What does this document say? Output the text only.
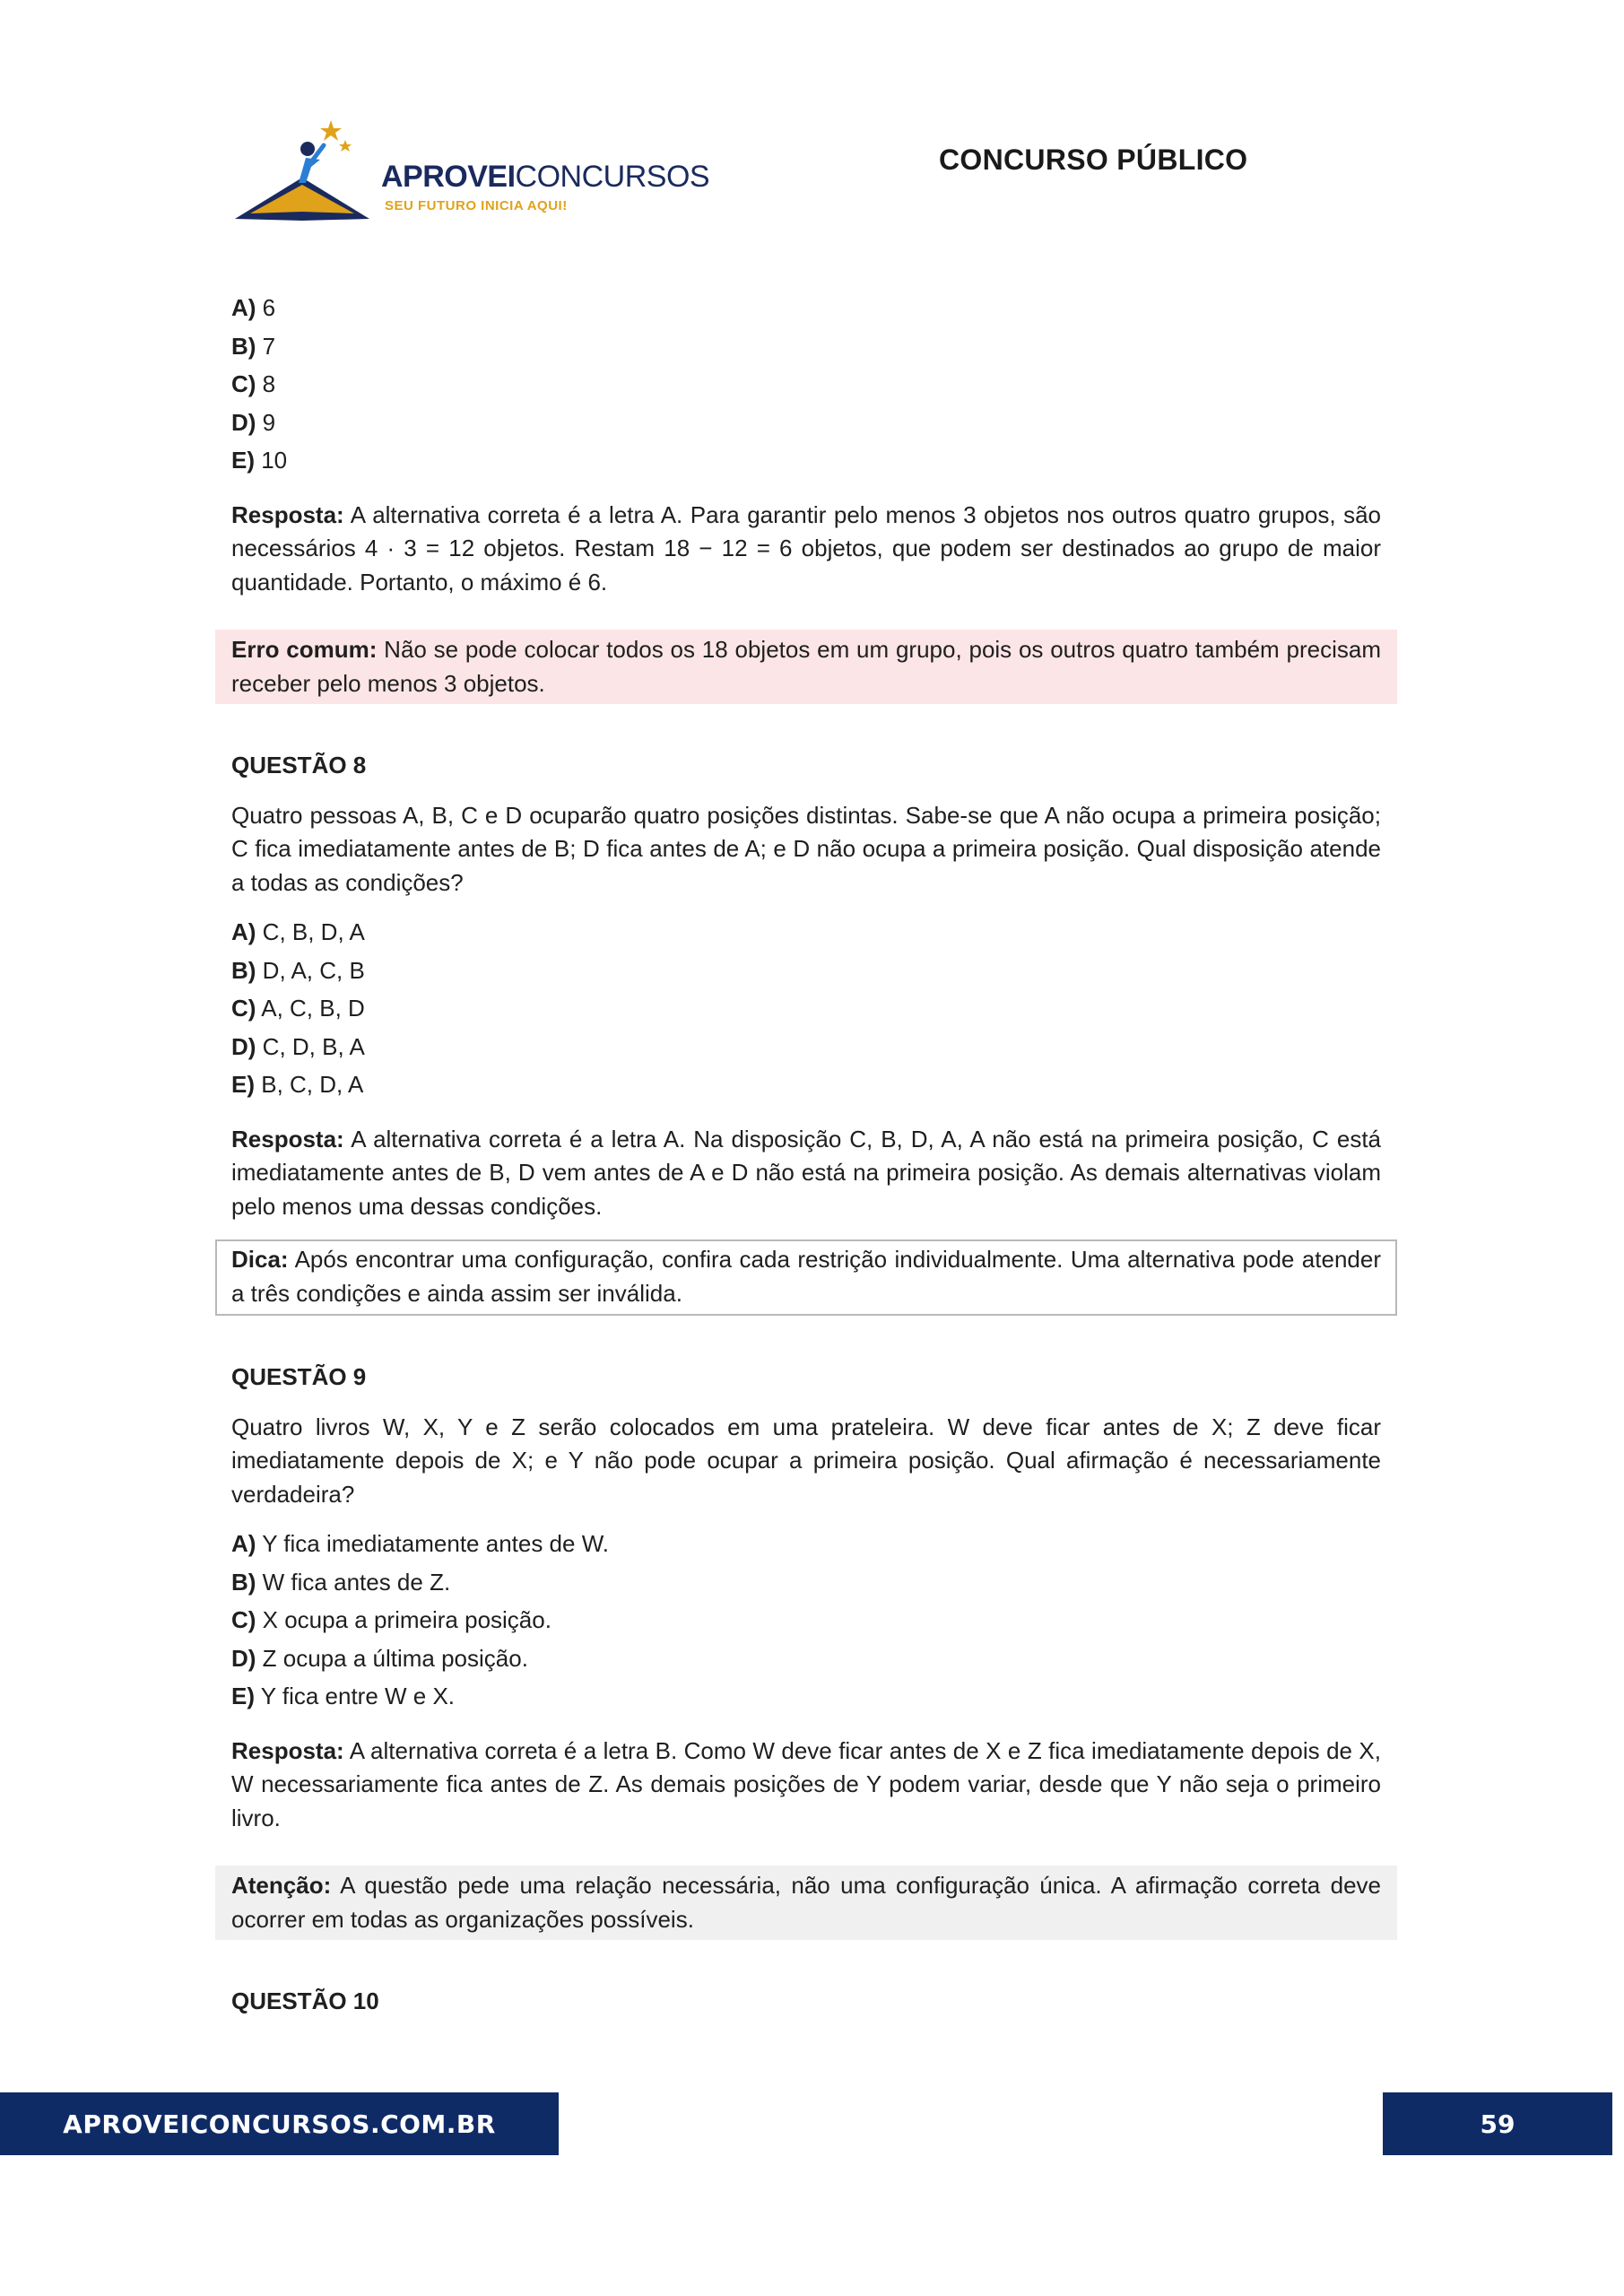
APROVEICONCURSOS
SEU FUTURO INICIA AQUI!
CONCURSO PÚBLICO
A) 6
B) 7
C) 8
D) 9
E) 10

Resposta: A alternativa correta é a letra A. Para garantir pelo menos 3 objetos nos outros quatro grupos, são necessários 4 · 3 = 12 objetos. Restam 18 − 12 = 6 objetos, que podem ser destinados ao grupo de maior quantidade. Portanto, o máximo é 6.

Erro comum: Não se pode colocar todos os 18 objetos em um grupo, pois os outros quatro também precisam receber pelo menos 3 objetos.

QUESTÃO 8

Quatro pessoas A, B, C e D ocuparão quatro posições distintas. Sabe-se que A não ocupa a primeira posição; C fica imediatamente antes de B; D fica antes de A; e D não ocupa a primeira posição. Qual disposição atende a todas as condições?

A) C, B, D, A
B) D, A, C, B
C) A, C, B, D
D) C, D, B, A
E) B, C, D, A

Resposta: A alternativa correta é a letra A. Na disposição C, B, D, A, A não está na primeira posição, C está imediatamente antes de B, D vem antes de A e D não está na primeira posição. As demais alternativas violam pelo menos uma dessas condições.

Dica: Após encontrar uma configuração, confira cada restrição individualmente. Uma alternativa pode atender a três condições e ainda assim ser inválida.

QUESTÃO 9

Quatro livros W, X, Y e Z serão colocados em uma prateleira. W deve ficar antes de X; Z deve ficar imediatamente depois de X; e Y não pode ocupar a primeira posição. Qual afirmação é necessariamente verdadeira?

A) Y fica imediatamente antes de W.
B) W fica antes de Z.
C) X ocupa a primeira posição.
D) Z ocupa a última posição.
E) Y fica entre W e X.

Resposta: A alternativa correta é a letra B. Como W deve ficar antes de X e Z fica imediatamente depois de X, W necessariamente fica antes de Z. As demais posições de Y podem variar, desde que Y não seja o primeiro livro.

Atenção: A questão pede uma relação necessária, não uma configuração única. A afirmação correta deve ocorrer em todas as organizações possíveis.

QUESTÃO 10

APROVEICONCURSOS.COM.BR	59
